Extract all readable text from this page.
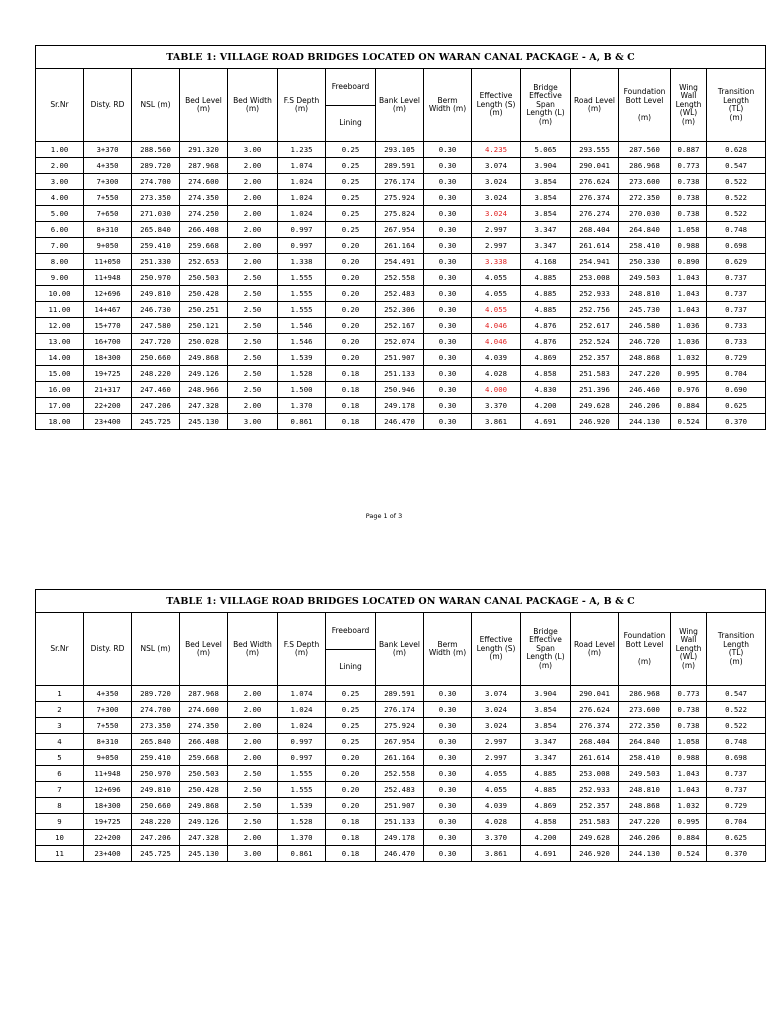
TABLE 1: VILLAGE ROAD BRIDGES LOCATED ON WARAN CANAL PACKAGE - A, B & C														
Sr.Nr	Disty. RD	NSL (m)	Bed Level
(m)	Bed Width
(m)	F.S Depth
(m)	Freeboard	Bank Level
(m)	Berm
Width (m)	Effective
Length (S)
(m)	Bridge
Effective
Span
Length (L)
(m)	Road Level
(m)	Foundation
Bott Level

(m)	Wing
Wall
Length
(WL)
(m)	Transition
Length
(TL)
(m)
						Lining								
1.00	3+370	288.560	291.320	3.00	1.235	0.25	293.105	0.30	4.235	5.065	293.555	287.560	0.887	0.628
2.00	4+350	289.720	287.968	2.00	1.074	0.25	289.591	0.30	3.074	3.904	290.041	286.968	0.773	0.547
3.00	7+300	274.700	274.600	2.00	1.024	0.25	276.174	0.30	3.024	3.854	276.624	273.600	0.738	0.522
4.00	7+550	273.350	274.350	2.00	1.024	0.25	275.924	0.30	3.024	3.854	276.374	272.350	0.738	0.522
5.00	7+650	271.030	274.250	2.00	1.024	0.25	275.824	0.30	3.024	3.854	276.274	270.030	0.738	0.522
6.00	8+310	265.840	266.408	2.00	0.997	0.25	267.954	0.30	2.997	3.347	268.404	264.840	1.058	0.748
7.00	9+050	259.410	259.668	2.00	0.997	0.20	261.164	0.30	2.997	3.347	261.614	258.410	0.988	0.698
8.00	11+050	251.330	252.653	2.00	1.338	0.20	254.491	0.30	3.338	4.168	254.941	250.330	0.890	0.629
9.00	11+948	250.970	250.503	2.50	1.555	0.20	252.558	0.30	4.055	4.885	253.008	249.503	1.043	0.737
10.00	12+696	249.810	250.428	2.50	1.555	0.20	252.483	0.30	4.055	4.885	252.933	248.810	1.043	0.737
11.00	14+467	246.730	250.251	2.50	1.555	0.20	252.306	0.30	4.055	4.885	252.756	245.730	1.043	0.737
12.00	15+770	247.580	250.121	2.50	1.546	0.20	252.167	0.30	4.046	4.876	252.617	246.580	1.036	0.733
13.00	16+700	247.720	250.028	2.50	1.546	0.20	252.074	0.30	4.046	4.876	252.524	246.720	1.036	0.733
14.00	18+300	250.660	249.868	2.50	1.539	0.20	251.907	0.30	4.039	4.869	252.357	248.868	1.032	0.729
15.00	19+725	248.220	249.126	2.50	1.528	0.18	251.133	0.30	4.028	4.858	251.583	247.220	0.995	0.704
16.00	21+317	247.460	248.966	2.50	1.500	0.18	250.946	0.30	4.000	4.830	251.396	246.460	0.976	0.690
17.00	22+200	247.206	247.328	2.00	1.370	0.18	249.178	0.30	3.370	4.200	249.628	246.206	0.884	0.625
18.00	23+400	245.725	245.130	3.00	0.861	0.18	246.470	0.30	3.861	4.691	246.920	244.130	0.524	0.370
Page 1 of 3
TABLE 1: VILLAGE ROAD BRIDGES LOCATED ON WARAN CANAL PACKAGE - A, B & C														
Sr.Nr	Disty. RD	NSL (m)	Bed Level
(m)	Bed Width
(m)	F.S Depth
(m)	Freeboard	Bank Level
(m)	Berm
Width (m)	Effective
Length (S)
(m)	Bridge
Effective
Span
Length (L)
(m)	Road Level
(m)	Foundation
Bott Level

(m)	Wing
Wall
Length
(WL)
(m)	Transition
Length
(TL)
(m)
						Lining								
1	4+350	289.720	287.968	2.00	1.074	0.25	289.591	0.30	3.074	3.904	290.041	286.968	0.773	0.547
2	7+300	274.700	274.600	2.00	1.024	0.25	276.174	0.30	3.024	3.854	276.624	273.600	0.738	0.522
3	7+550	273.350	274.350	2.00	1.024	0.25	275.924	0.30	3.024	3.854	276.374	272.350	0.738	0.522
4	8+310	265.840	266.408	2.00	0.997	0.25	267.954	0.30	2.997	3.347	268.404	264.840	1.058	0.748
5	9+050	259.410	259.668	2.00	0.997	0.20	261.164	0.30	2.997	3.347	261.614	258.410	0.988	0.698
6	11+948	250.970	250.503	2.50	1.555	0.20	252.558	0.30	4.055	4.885	253.008	249.503	1.043	0.737
7	12+696	249.810	250.428	2.50	1.555	0.20	252.483	0.30	4.055	4.885	252.933	248.810	1.043	0.737
8	18+300	250.660	249.868	2.50	1.539	0.20	251.907	0.30	4.039	4.869	252.357	248.868	1.032	0.729
9	19+725	248.220	249.126	2.50	1.528	0.18	251.133	0.30	4.028	4.858	251.583	247.220	0.995	0.704
10	22+200	247.206	247.328	2.00	1.370	0.18	249.178	0.30	3.370	4.200	249.628	246.206	0.884	0.625
11	23+400	245.725	245.130	3.00	0.861	0.18	246.470	0.30	3.861	4.691	246.920	244.130	0.524	0.370
